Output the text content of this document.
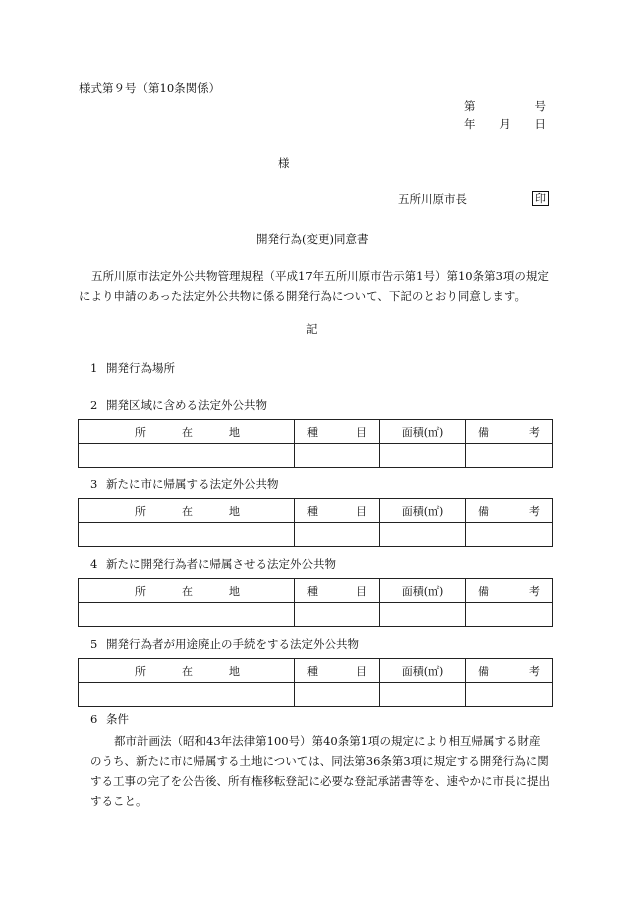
様式第９号（第10条関係）
第	号
年 月 日
様
五所川原市長	印
開発行為(変更)同意書
五所川原市法定外公共物管理規程（平成17年五所川原市告示第1号）第10条第3項の規定により申請のあった法定外公共物に係る開発行為について、下記のとおり同意します。
記
1 開発行為場所
2 開発区域に含める法定外公共物
所 在 地	種 目	面積(㎡)	備 考

3 新たに市に帰属する法定外公共物
所 在 地	種 目	面積(㎡)	備 考

4 新たに開発行為者に帰属させる法定外公共物
所 在 地	種 目	面積(㎡)	備 考

5 開発行為者が用途廃止の手続をする法定外公共物
所 在 地	種 目	面積(㎡)	備 考

6 条件
都市計画法（昭和43年法律第100号）第40条第1項の規定により相互帰属する財産のうち、新たに市に帰属する土地については、同法第36条第3項に規定する開発行為に関する工事の完了を公告後、所有権移転登記に必要な登記承諾書等を、速やかに市長に提出すること。
